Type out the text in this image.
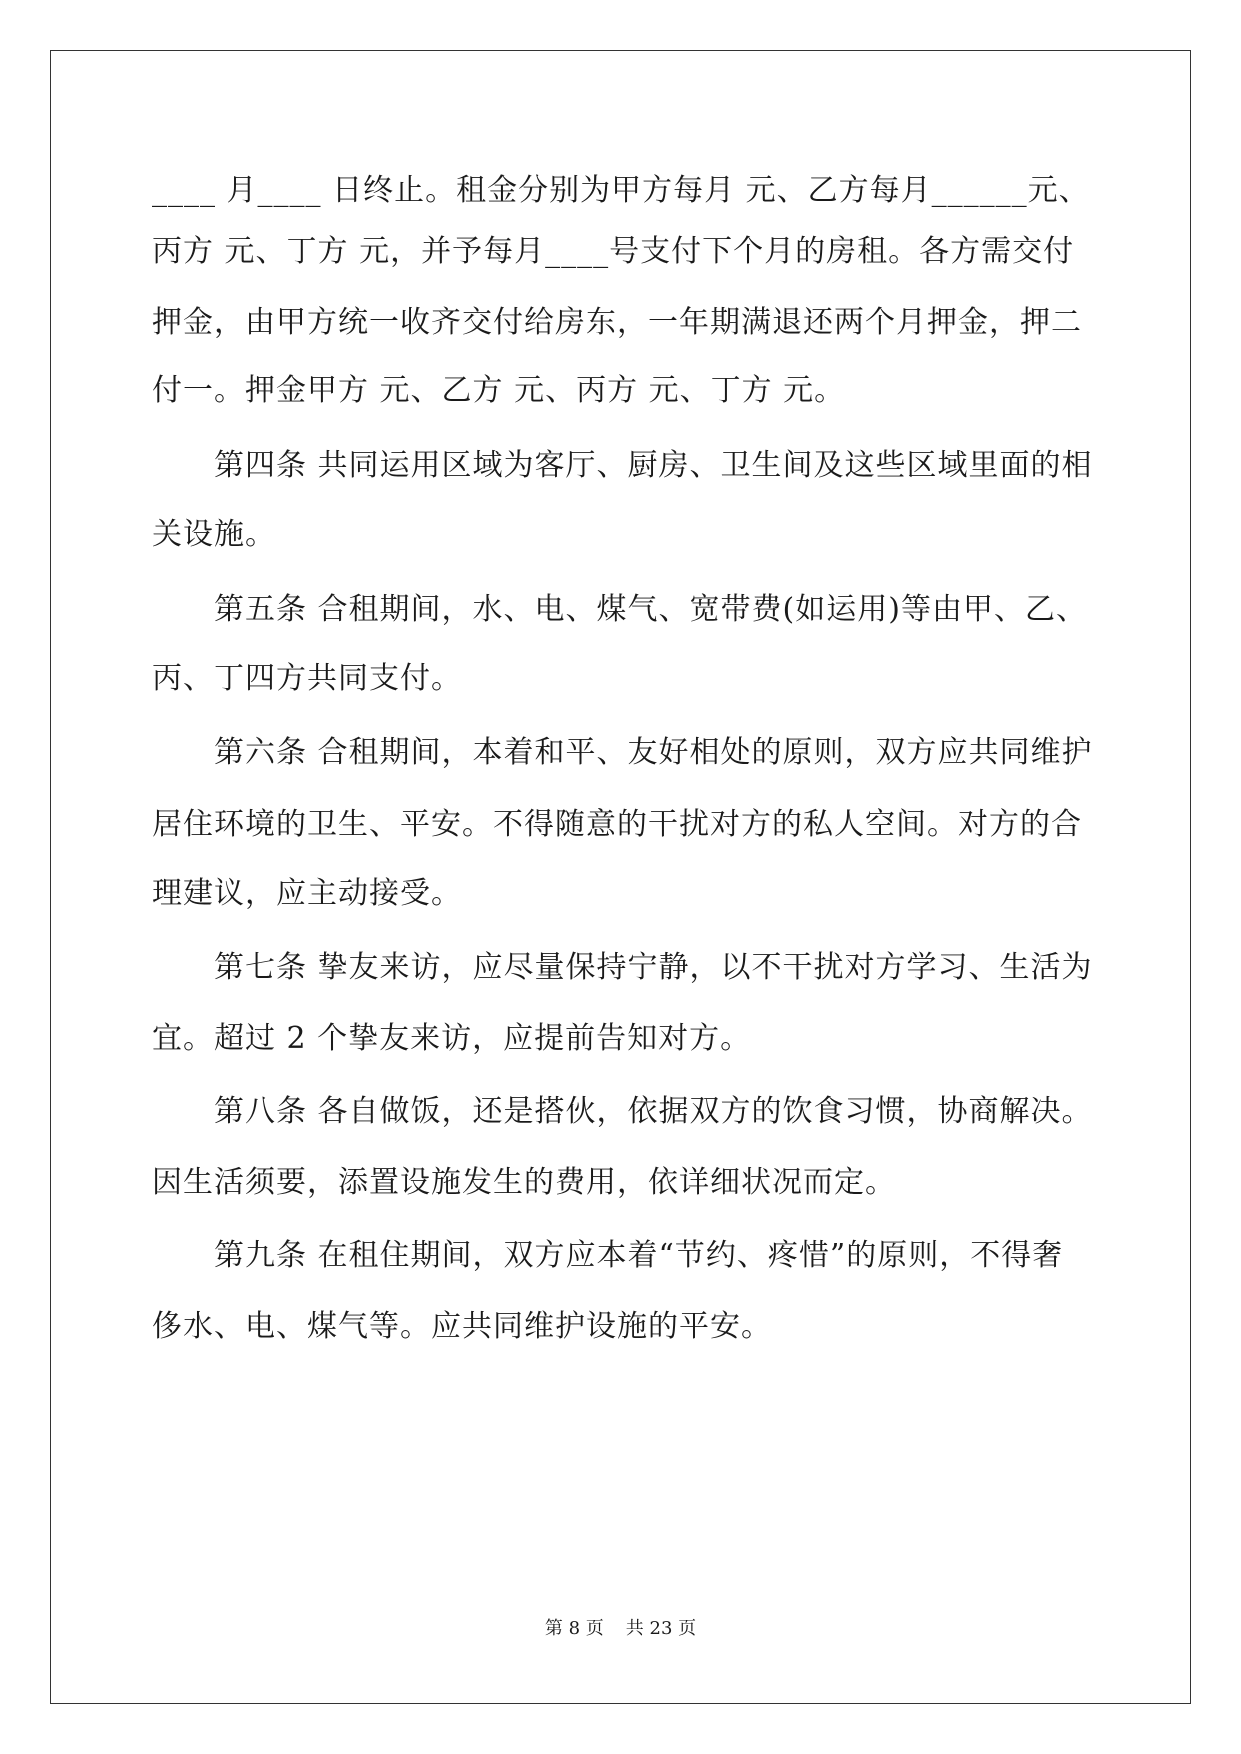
____ 月____ 日终止。租金分别为甲方每月 元、乙方每月______元、
丙方 元、丁方 元，并予每月____号支付下个月的房租。各方需交付
押金，由甲方统一收齐交付给房东，一年期满退还两个月押金，押二
付一。押金甲方 元、乙方 元、丙方 元、丁方 元。
第四条 共同运用区域为客厅、厨房、卫生间及这些区域里面的相
关设施。
第五条 合租期间，水、电、煤气、宽带费(如运用)等由甲、乙、
丙、丁四方共同支付。
第六条 合租期间，本着和平、友好相处的原则，双方应共同维护
居住环境的卫生、平安。不得随意的干扰对方的私人空间。对方的合
理建议，应主动接受。
第七条 挚友来访，应尽量保持宁静，以不干扰对方学习、生活为
宜。超过 2 个挚友来访，应提前告知对方。
第八条 各自做饭，还是搭伙，依据双方的饮食习惯，协商解决。
因生活须要，添置设施发生的费用，依详细状况而定。
第九条 在租住期间，双方应本着“节约、疼惜”的原则，不得奢
侈水、电、煤气等。应共同维护设施的平安。
第 8 页 共 23 页
